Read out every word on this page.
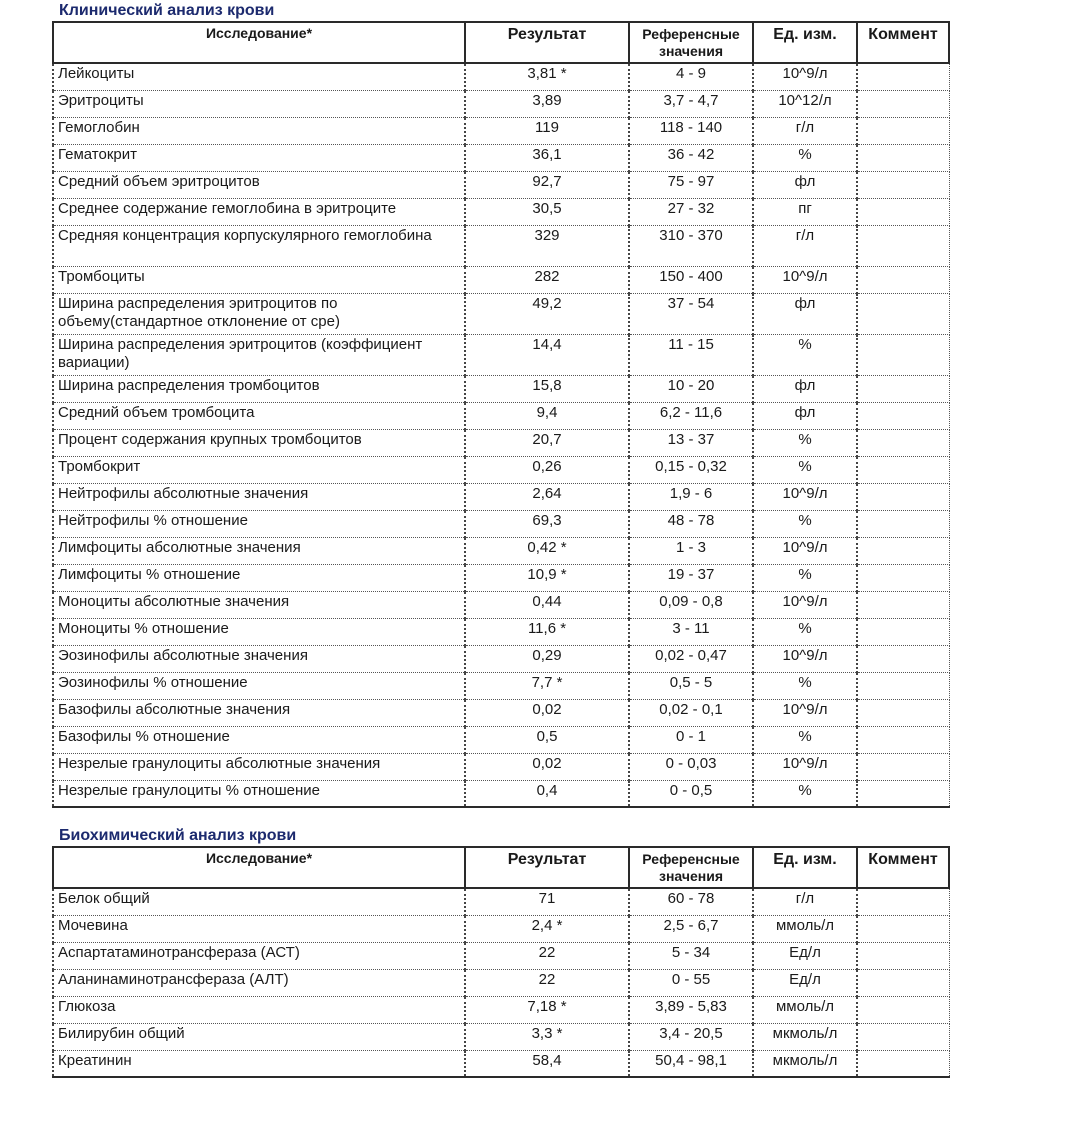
Клинический анализ крови
Исследование*	Результат	Референсные значения	Ед. изм.	Коммент
Лейкоциты	3,81 *	4 - 9	10^9/л	
Эритроциты	3,89	3,7 - 4,7	10^12/л	
Гемоглобин	119	118 - 140	г/л	
Гематокрит	36,1	36 - 42	%	
Средний объем эритроцитов	92,7	75 - 97	фл	
Среднее содержание гемоглобина в эритроците	30,5	27 - 32	пг	
Средняя концентрация корпускулярного гемоглобина	329	310 - 370	г/л	
Тромбоциты	282	150 - 400	10^9/л	
Ширина распределения эритроцитов по объему(стандартное отклонение от сре)	49,2	37 - 54	фл	
Ширина распределения эритроцитов (коэффициент вариации)	14,4	11 - 15	%	
Ширина распределения тромбоцитов	15,8	10 - 20	фл	
Средний объем тромбоцита	9,4	6,2 - 11,6	фл	
Процент содержания крупных тромбоцитов	20,7	13 - 37	%	
Тромбокрит	0,26	0,15 - 0,32	%	
Нейтрофилы абсолютные значения	2,64	1,9 - 6	10^9/л	
Нейтрофилы % отношение	69,3	48 - 78	%	
Лимфоциты абсолютные значения	0,42 *	1 - 3	10^9/л	
Лимфоциты % отношение	10,9 *	19 - 37	%	
Моноциты абсолютные значения	0,44	0,09 - 0,8	10^9/л	
Моноциты % отношение	11,6 *	3 - 11	%	
Эозинофилы абсолютные значения	0,29	0,02 - 0,47	10^9/л	
Эозинофилы % отношение	7,7 *	0,5 - 5	%	
Базофилы абсолютные значения	0,02	0,02 - 0,1	10^9/л	
Базофилы % отношение	0,5	0 - 1	%	
Незрелые гранулоциты абсолютные значения	0,02	0 - 0,03	10^9/л	
Незрелые гранулоциты % отношение	0,4	0 - 0,5	%	
Биохимический анализ крови
Исследование*	Результат	Референсные значения	Ед. изм.	Коммент
Белок общий	71	60 - 78	г/л	
Мочевина	2,4 *	2,5 - 6,7	ммоль/л	
Аспартатаминотрансфераза (АСТ)	22	5 - 34	Ед/л	
Аланинаминотрансфераза (АЛТ)	22	0 - 55	Ед/л	
Глюкоза	7,18 *	3,89 - 5,83	ммоль/л	
Билирубин общий	3,3 *	3,4 - 20,5	мкмоль/л	
Креатинин	58,4	50,4 - 98,1	мкмоль/л	
